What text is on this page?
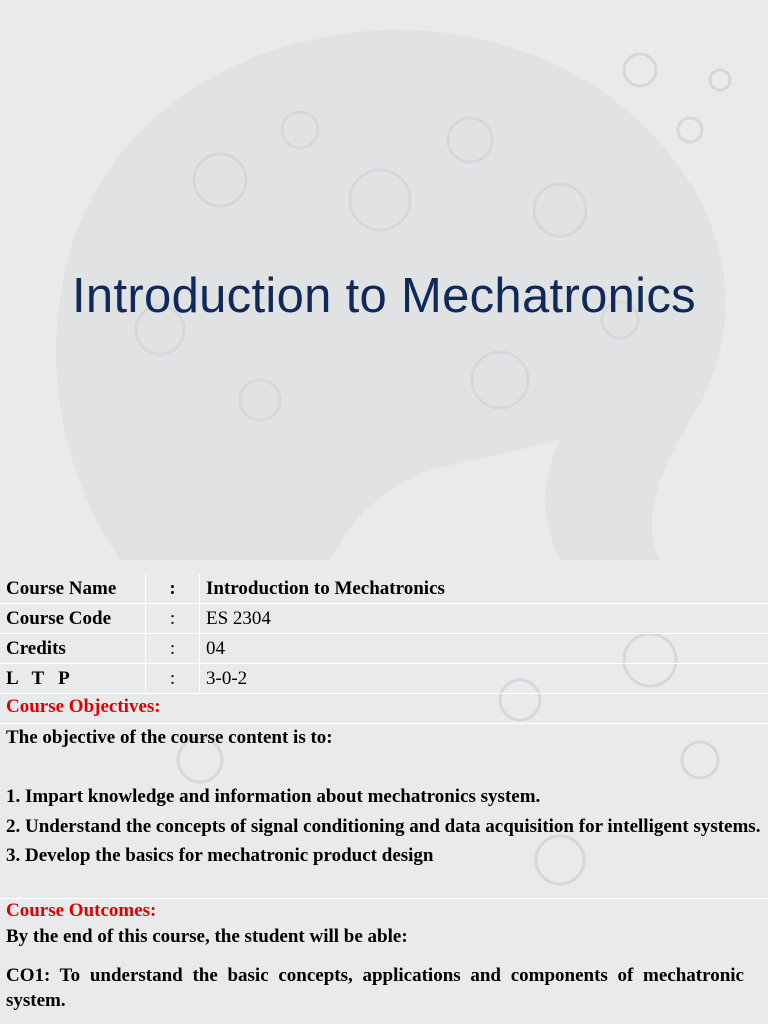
Introduction to Mechatronics
Course Name	:	Introduction to Mechatronics
Course Code	:	ES 2304
Credits	:	04
L   T   P	:	3-0-2
Course Objectives:
The objective of the course content is to:

1. Impart knowledge and information about mechatronics system.
2. Understand the concepts of signal conditioning and data acquisition for intelligent systems.
3. Develop the basics for mechatronic product design
Course Outcomes:
By the end of this course, the student will be able:

CO1: To understand the basic concepts, applications and components of mechatronic system.
